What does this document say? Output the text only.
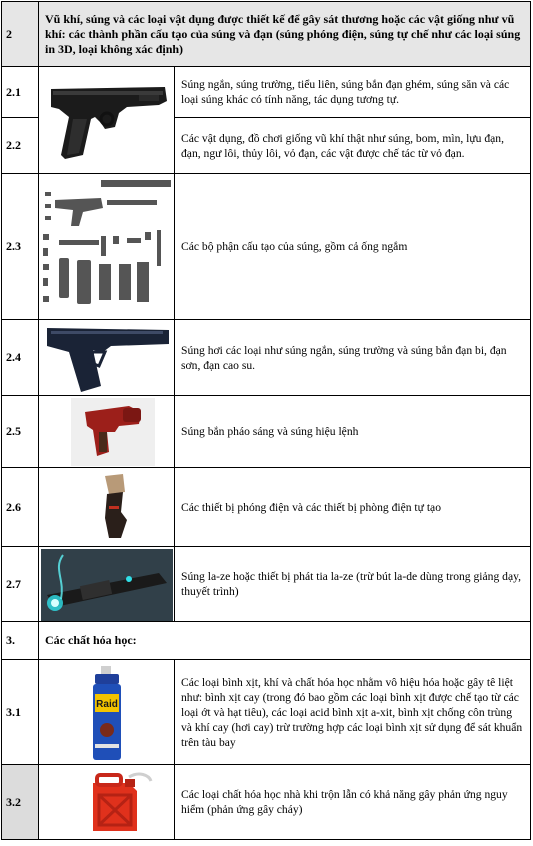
2	Vũ khí, súng và các loại vật dụng được thiết kế để gây sát thương hoặc các vật giống như vũ khí: các thành phần cấu tạo của súng và đạn (súng phóng điện, súng tự chế như các loại súng in 3D, loại không xác định)	
2.1		Súng ngắn, súng trường, tiểu liên, súng bắn đạn ghém, súng săn và các loại súng khác có tính năng, tác dụng tương tự.
2.2		Các vật dụng, đồ chơi giống vũ khí thật như súng, bom, mìn, lựu đạn, đạn, ngư lôi, thủy lôi, vỏ đạn, các vật được chế tác từ vỏ đạn.
2.3		Các bộ phận cấu tạo của súng, gồm cả ống ngắm
2.4		Súng hơi các loại như súng ngắn, súng trường và súng bắn đạn bi, đạn sơn, đạn cao su.
2.5		Súng bắn pháo sáng và súng hiệu lệnh
2.6		Các thiết bị phóng điện và các thiết bị phòng điện tự tạo
2.7		Súng la-ze hoặc thiết bị phát tia la-ze (trừ bút la-de dùng trong giảng dạy, thuyết trình)
3.	Các chất hóa học:	
3.1	Raid	Các loại bình xịt, khí và chất hóa học nhằm vô hiệu hóa hoặc gây tê liệt như: bình xịt cay (trong đó bao gồm các loại bình xịt được chế tạo từ các loại ớt và hạt tiêu), các loại acid bình xịt a-xit, bình xịt chống côn trùng và khí cay (hơi cay) trừ trường hợp các loại bình xịt sử dụng để sát khuẩn trên tàu bay
3.2		Các loại chất hóa học nhà khi trộn lẫn có khả năng gây phản ứng nguy hiểm (phản ứng gây cháy)
